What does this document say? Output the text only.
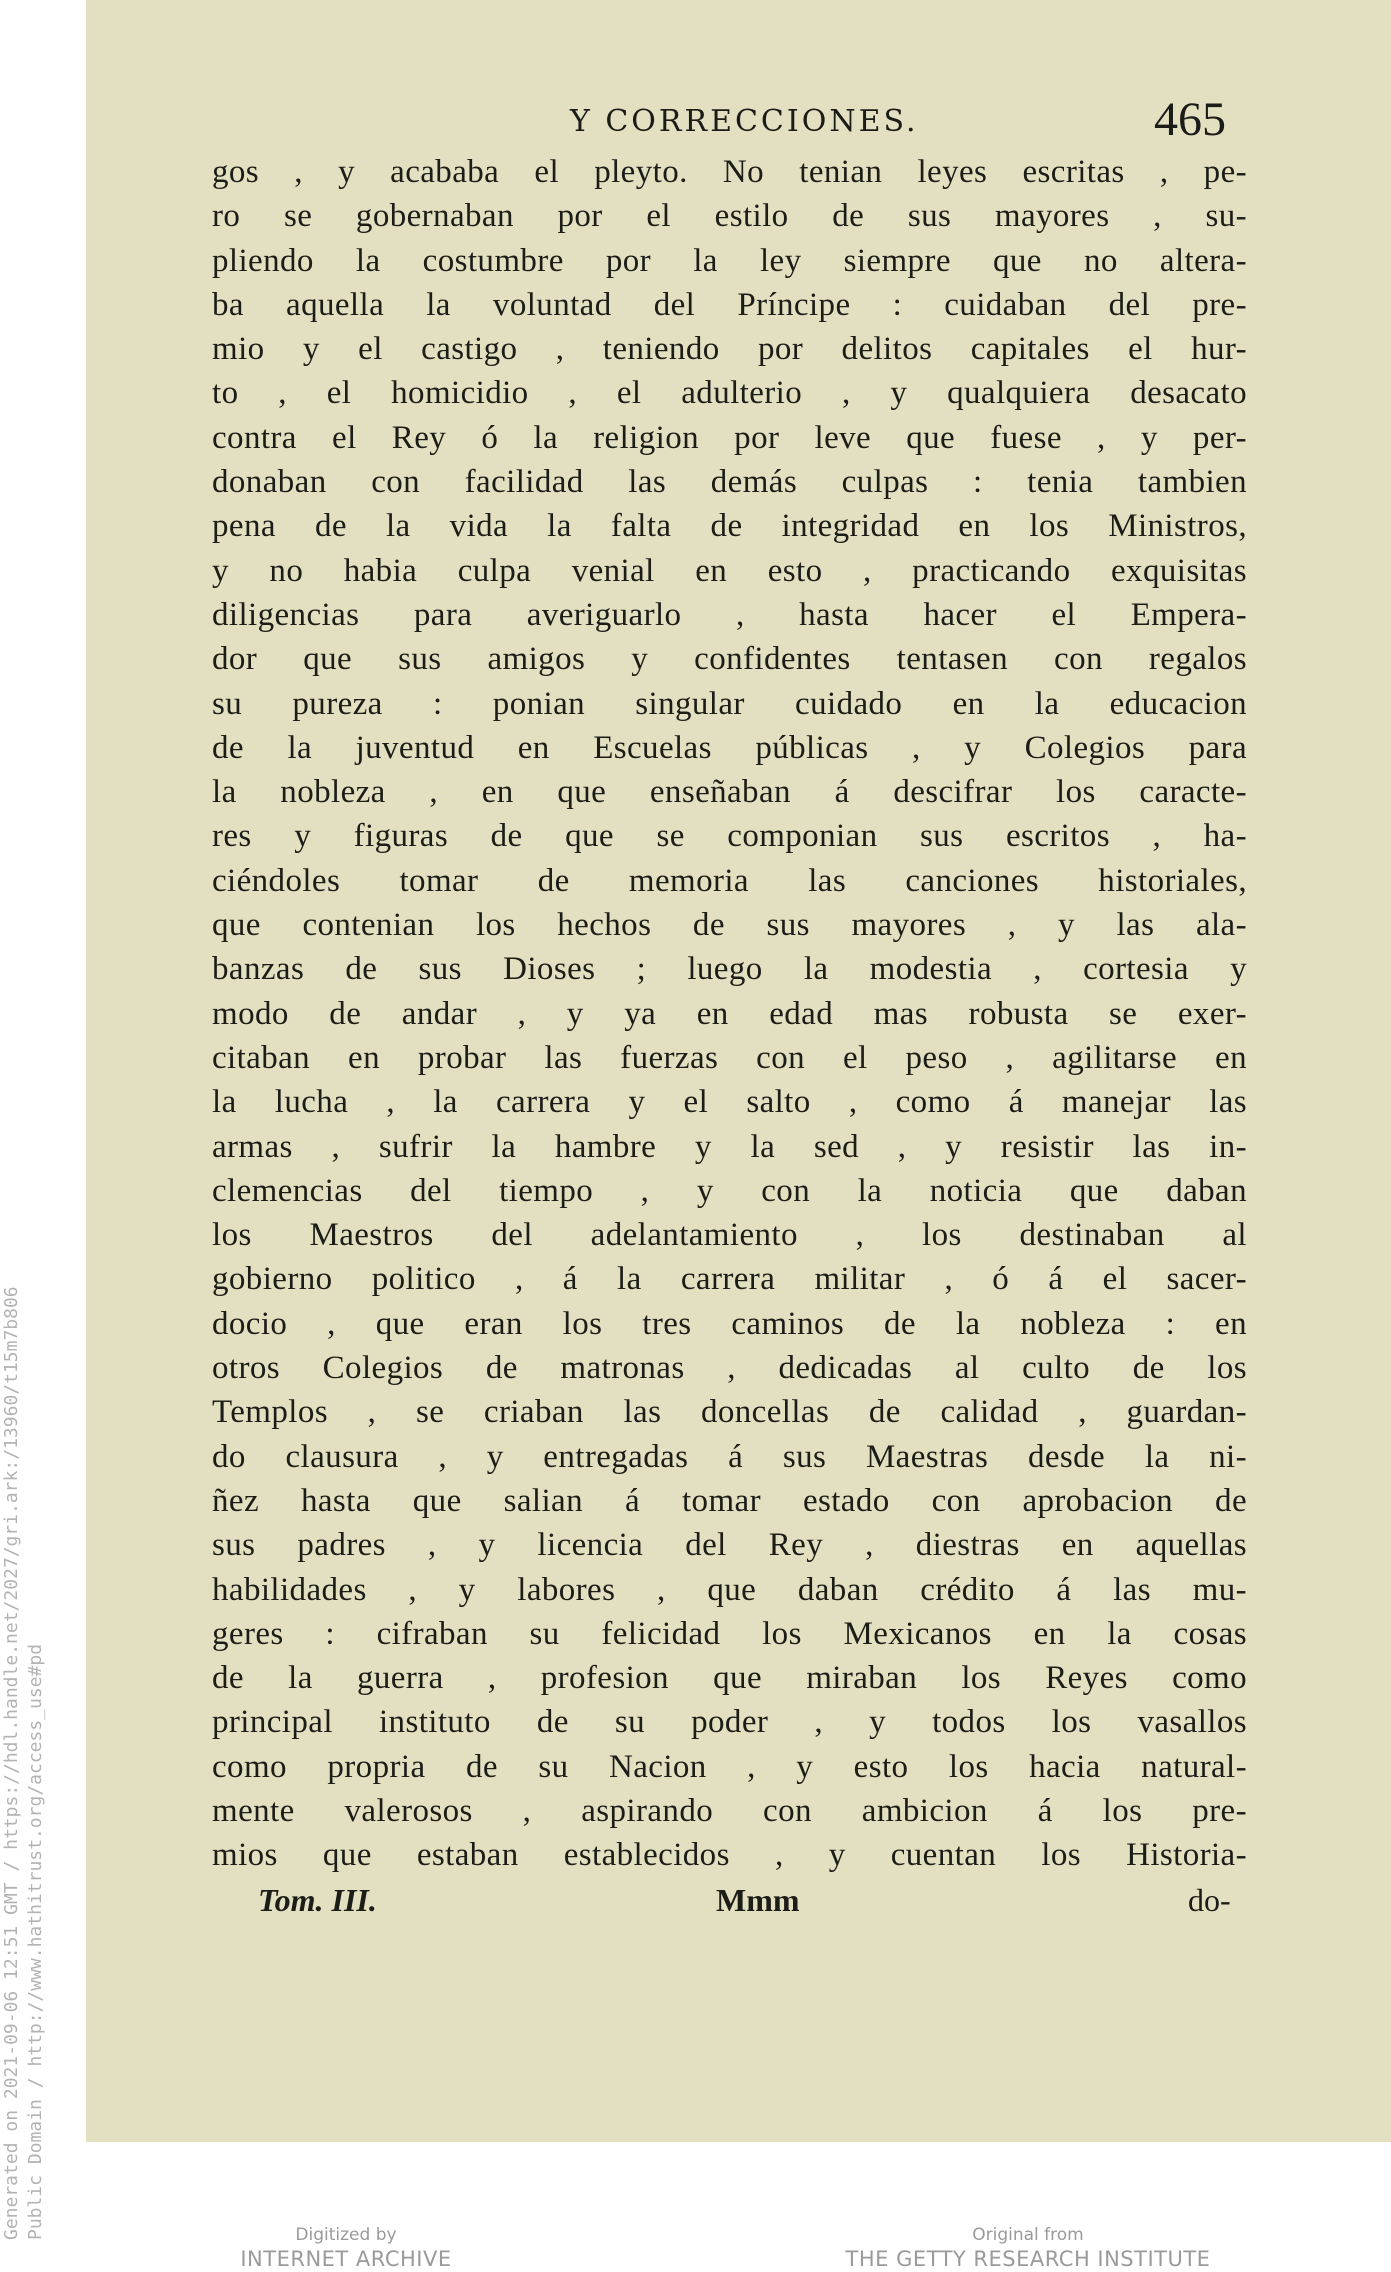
Y CORRECCIONES.	465
gos , y acababa el pleyto. No tenian leyes escritas , pe-
ro se gobernaban por el estilo de sus mayores , su-
pliendo la costumbre por la ley siempre que no altera-
ba aquella la voluntad del Príncipe : cuidaban del pre-
mio y el castigo , teniendo por delitos capitales el hur-
to , el homicidio , el adulterio , y qualquiera desacato
contra el Rey ó la religion por leve que fuese , y per-
donaban con facilidad las demás culpas : tenia tambien
pena de la vida la falta de integridad en los Ministros,
y no habia culpa venial en esto , practicando exquisitas
diligencias para averiguarlo , hasta hacer el Empera-
dor que sus amigos y confidentes tentasen con regalos
su pureza : ponian singular cuidado en la educacion
de la juventud en Escuelas públicas , y Colegios para
la nobleza , en que enseñaban á descifrar los caracte-
res y figuras de que se componian sus escritos , ha-
ciéndoles tomar de memoria las canciones historiales,
que contenian los hechos de sus mayores , y las ala-
banzas de sus Dioses ; luego la modestia , cortesia y
modo de andar , y ya en edad mas robusta se exer-
citaban en probar las fuerzas con el peso , agilitarse en
la lucha , la carrera y el salto , como á manejar las
armas , sufrir la hambre y la sed , y resistir las in-
clemencias del tiempo , y con la noticia que daban
los Maestros del adelantamiento , los destinaban al
gobierno politico , á la carrera militar , ó á el sacer-
docio , que eran los tres caminos de la nobleza : en
otros Colegios de matronas , dedicadas al culto de los
Templos , se criaban las doncellas de calidad , guardan-
do clausura , y entregadas á sus Maestras desde la ni-
ñez hasta que salian á tomar estado con aprobacion de
sus padres , y licencia del Rey , diestras en aquellas
habilidades , y labores , que daban crédito á las mu-
geres : cifraban su felicidad los Mexicanos en la cosas
de la guerra , profesion que miraban los Reyes como
principal instituto de su poder , y todos los vasallos
como propria de su Nacion , y esto los hacia natural-
mente valerosos , aspirando con ambicion á los pre-
mios que estaban establecidos , y cuentan los Historia-
Tom. III.	Mmm	do-
Generated on 2021-09-06 12:51 GMT / https://hdl.handle.net/2027/gri.ark:/13960/t15m7b806 Public Domain / http://www.hathitrust.org/access_use#pd	Digitized by
INTERNET ARCHIVE
Original from
THE GETTY RESEARCH INSTITUTE
